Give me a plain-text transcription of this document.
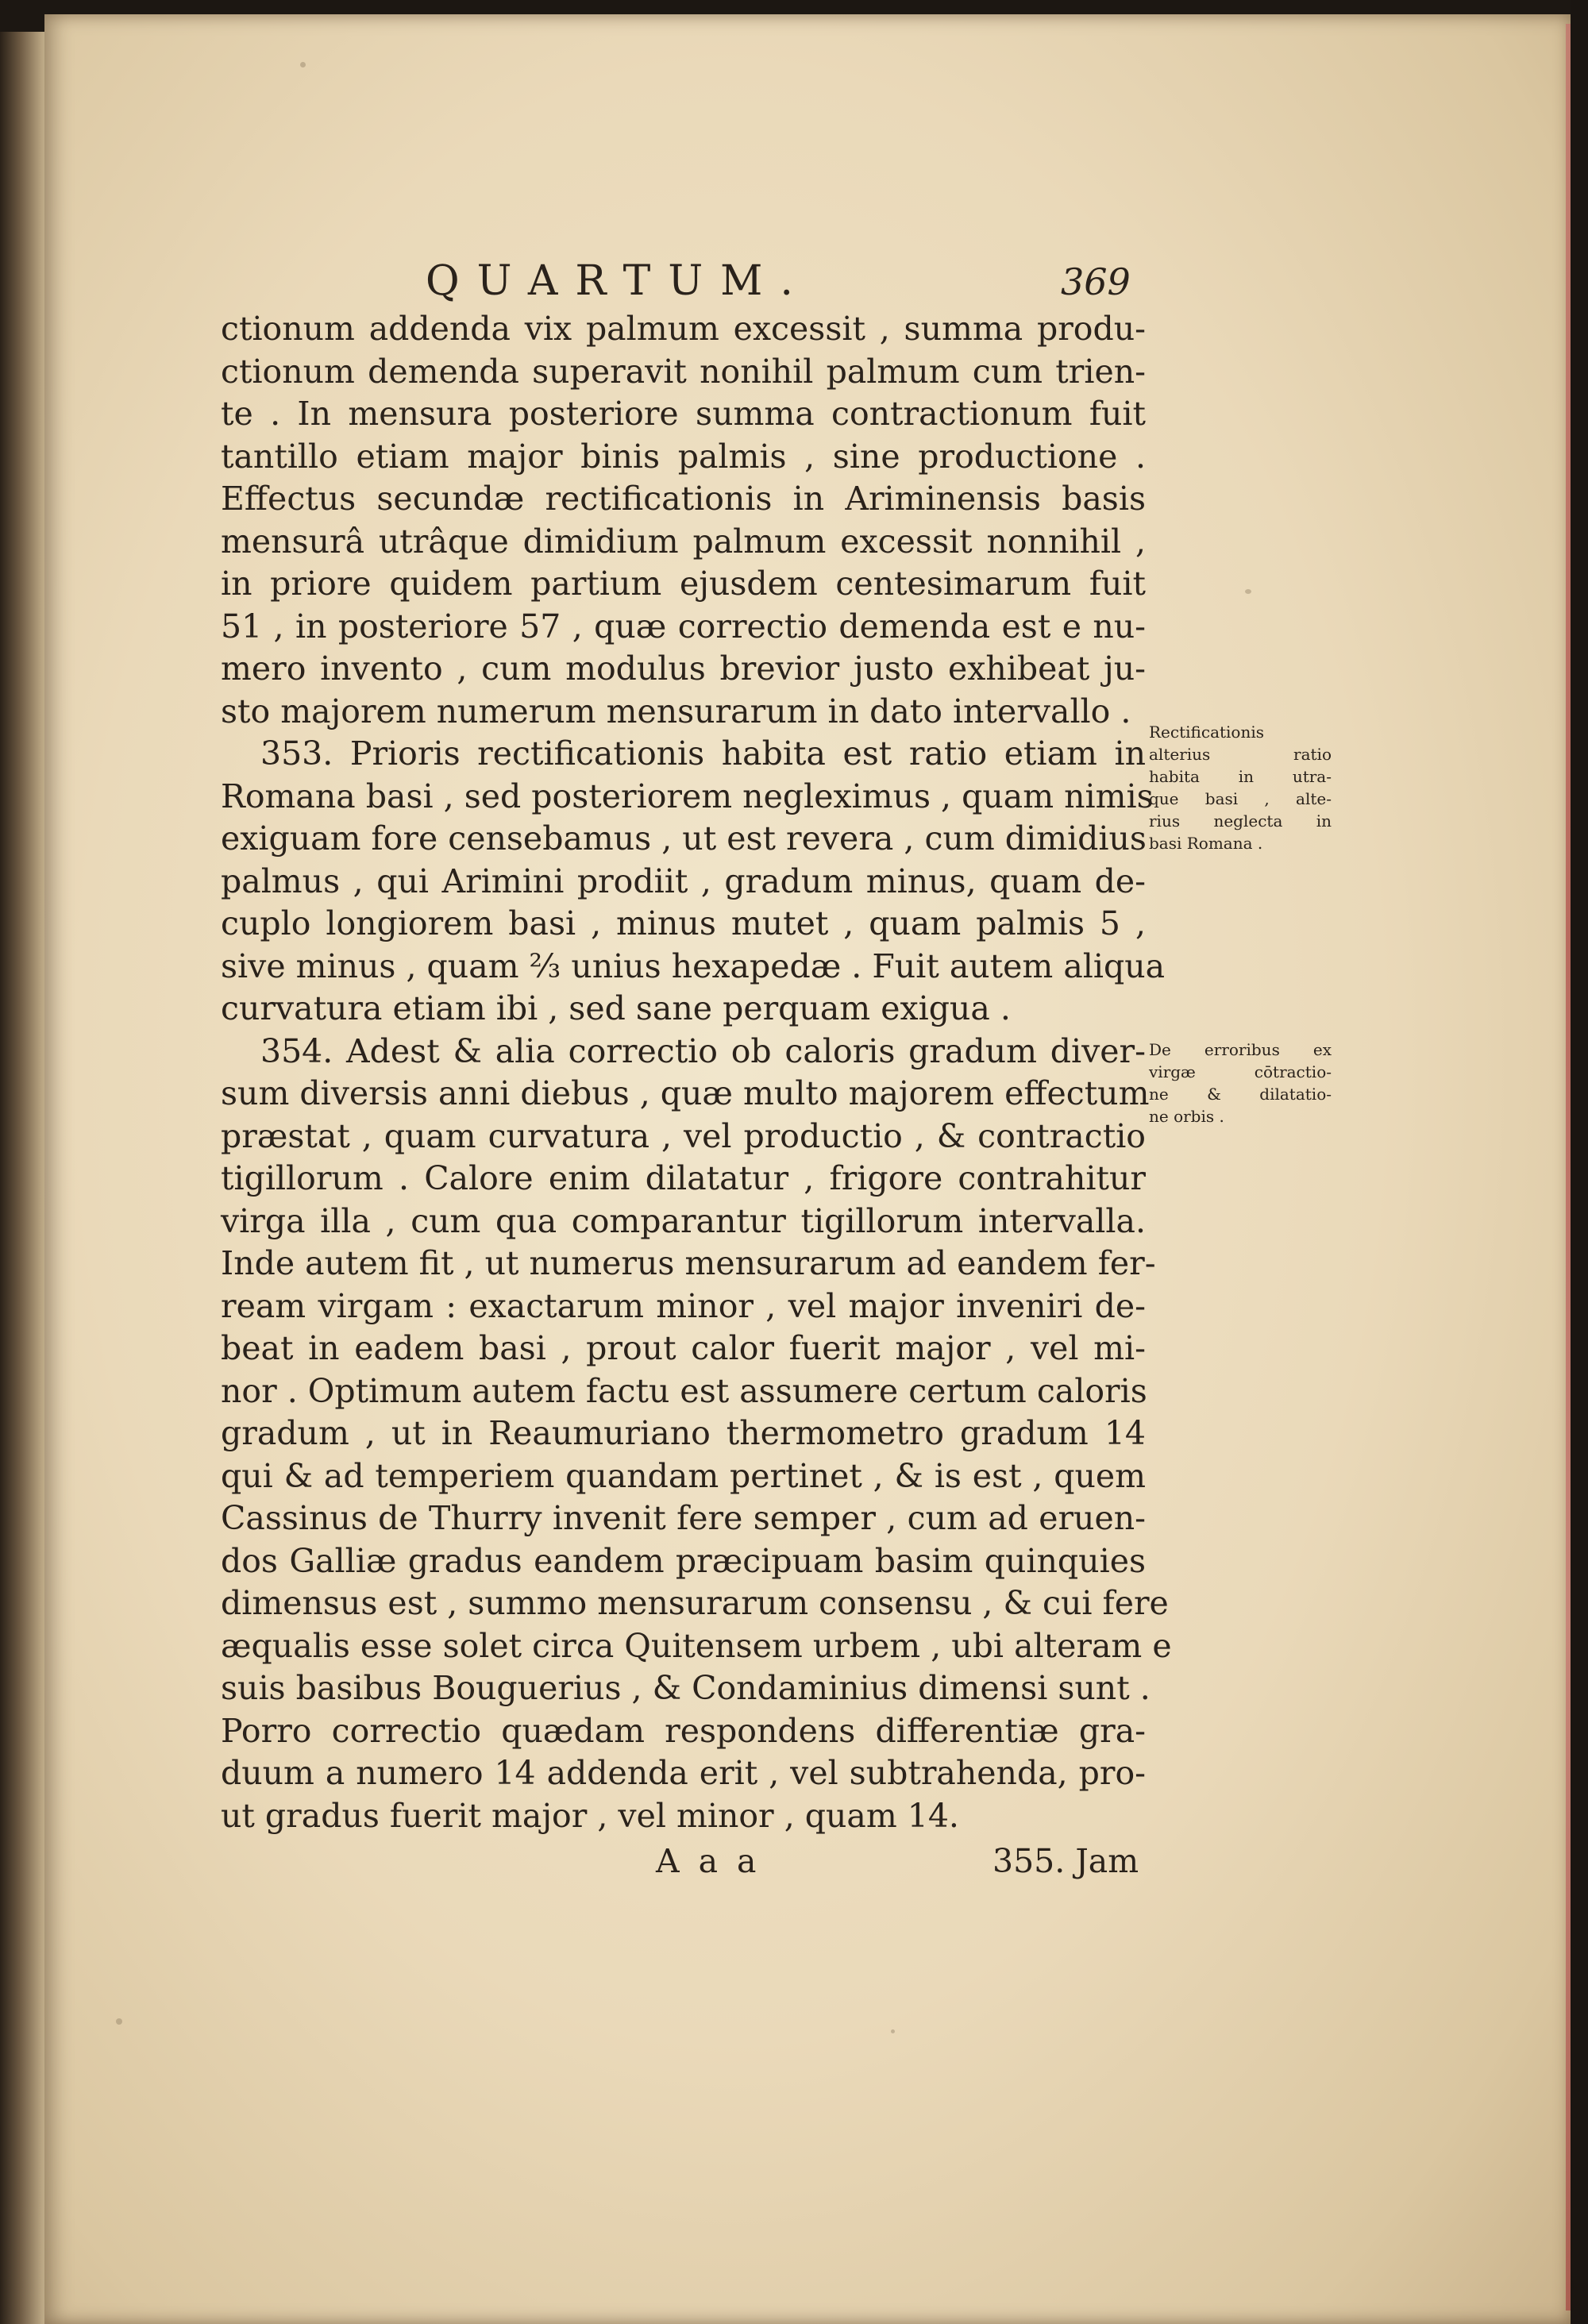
QUARTUM.	369
ctionum addenda vix palmum excessit , summa produ-
ctionum demenda superavit nonihil palmum cum trien-
te . In mensura posteriore summa contractionum fuit
tantillo etiam major binis palmis , sine productione .
Effectus secundæ rectificationis in Ariminensis basis
mensurâ utrâque dimidium palmum excessit nonnihil ,
in priore quidem partium ejusdem centesimarum fuit
51 , in posteriore 57 , quæ correctio demenda est e nu-
mero invento , cum modulus brevior justo exhibeat ju-
sto majorem numerum mensurarum in dato intervallo .
353. Prioris rectificationis habita est ratio etiam in
Romana basi , sed posteriorem negleximus , quam nimis
exiguam fore censebamus , ut est revera , cum dimidius
palmus , qui Arimini prodiit , gradum minus, quam de-
cuplo longiorem basi , minus mutet , quam palmis 5 ,
sive minus , quam ⅔ unius hexapedæ . Fuit autem aliqua
curvatura etiam ibi , sed sane perquam exigua .
354. Adest & alia correctio ob caloris gradum diver-
sum diversis anni diebus , quæ multo majorem effectum
præstat , quam curvatura , vel productio , & contractio
tigillorum . Calore enim dilatatur , frigore contrahitur
virga illa , cum qua comparantur tigillorum intervalla.
Inde autem fit , ut numerus mensurarum ad eandem fer-
ream virgam : exactarum minor , vel major inveniri de-
beat in eadem basi , prout calor fuerit major , vel mi-
nor . Optimum autem factu est assumere certum caloris
gradum , ut in Reaumuriano thermometro gradum 14
qui & ad temperiem quandam pertinet , & is est , quem
Cassinus de Thurry invenit fere semper , cum ad eruen-
dos Galliæ gradus eandem præcipuam basim quinquies
dimensus est , summo mensurarum consensu , & cui fere
æqualis esse solet circa Quitensem urbem , ubi alteram e
suis basibus Bouguerius , & Condaminius dimensi sunt .
Porro correctio quædam respondens differentiæ gra-
duum a numero 14 addenda erit , vel subtrahenda, pro-
ut gradus fuerit major , vel minor , quam 14.
Rectificationis
alterius ratio
habita in utra-
que basi , alte-
rius neglecta in
basi Romana .
De erroribus ex
virgæ cōtractio-
ne & dilatatio-
ne orbis .
Aaa	355. Jam
